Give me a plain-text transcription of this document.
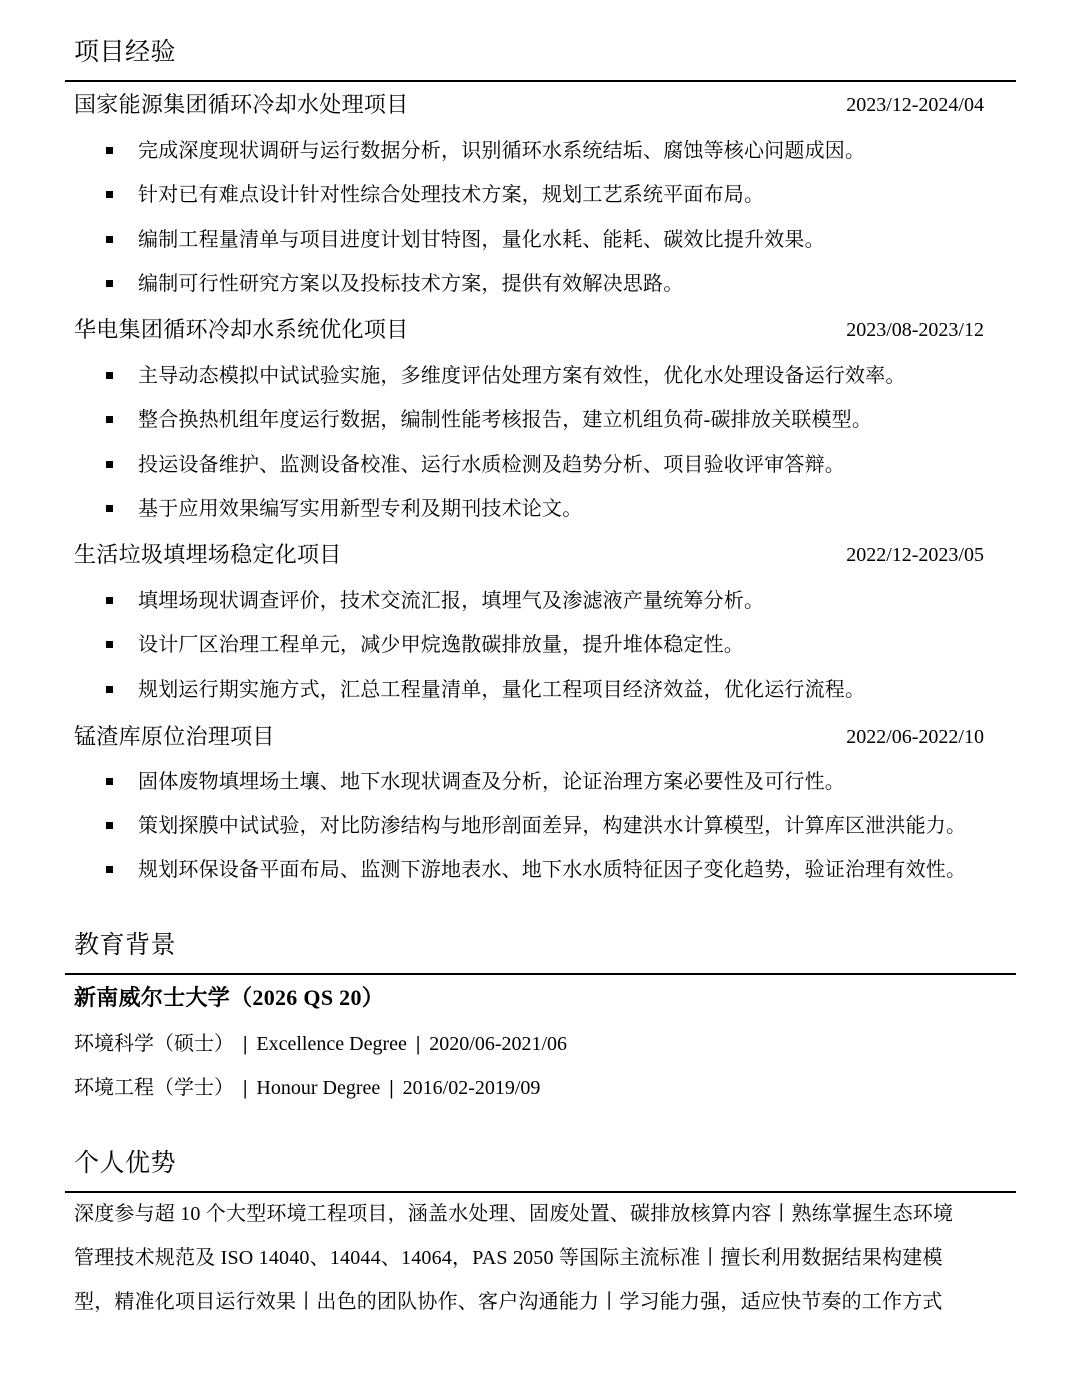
项目经验
国家能源集团循环冷却水处理项目	2023/12-2024/04
完成深度现状调研与运行数据分析，识别循环水系统结垢、腐蚀等核心问题成因。
针对已有难点设计针对性综合处理技术方案，规划工艺系统平面布局。
编制工程量清单与项目进度计划甘特图，量化水耗、能耗、碳效比提升效果。
编制可行性研究方案以及投标技术方案，提供有效解决思路。
华电集团循环冷却水系统优化项目	2023/08-2023/12
主导动态模拟中试试验实施，多维度评估处理方案有效性，优化水处理设备运行效率。
整合换热机组年度运行数据，编制性能考核报告，建立机组负荷-碳排放关联模型。
投运设备维护、监测设备校准、运行水质检测及趋势分析、项目验收评审答辩。
基于应用效果编写实用新型专利及期刊技术论文。
生活垃圾填埋场稳定化项目	2022/12-2023/05
填埋场现状调查评价，技术交流汇报，填埋气及渗滤液产量统筹分析。
设计厂区治理工程单元，减少甲烷逸散碳排放量，提升堆体稳定性。
规划运行期实施方式，汇总工程量清单，量化工程项目经济效益，优化运行流程。
锰渣库原位治理项目	2022/06-2022/10
固体废物填埋场土壤、地下水现状调查及分析，论证治理方案必要性及可行性。
策划探膜中试试验，对比防渗结构与地形剖面差异，构建洪水计算模型，计算库区泄洪能力。
规划环保设备平面布局、监测下游地表水、地下水水质特征因子变化趋势，验证治理有效性。
教育背景
新南威尔士大学（2026 QS 20）
环境科学（硕士） | Excellence Degree | 2020/06-2021/06
环境工程（学士） | Honour Degree | 2016/02-2019/09
个人优势
深度参与超 10 个大型环境工程项目，涵盖水处理、固废处置、碳排放核算内容丨熟练掌握生态环境
管理技术规范及 ISO 14040、14044、14064，PAS 2050 等国际主流标准丨擅长利用数据结果构建模
型，精准化项目运行效果丨出色的团队协作、客户沟通能力丨学习能力强，适应快节奏的工作方式
